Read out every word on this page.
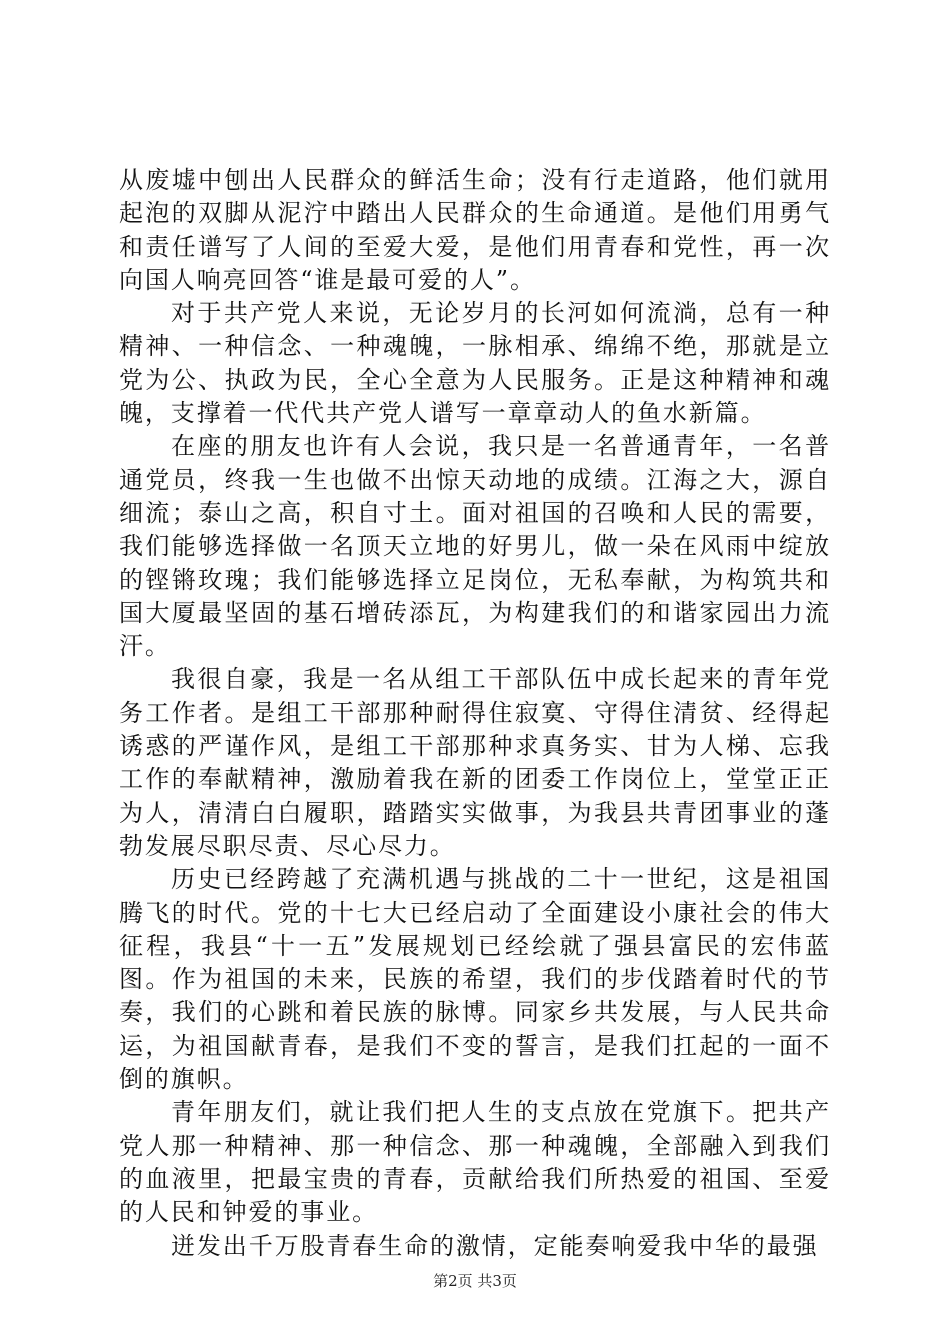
从废墟中刨出人民群众的鲜活生命；没有行走道路，他们就用起泡的双脚从泥泞中踏出人民群众的生命通道。是他们用勇气和责任谱写了人间的至爱大爱，是他们用青春和党性，再一次向国人响亮回答“谁是最可爱的人”。

对于共产党人来说，无论岁月的长河如何流淌，总有一种精神、一种信念、一种魂魄，一脉相承、绵绵不绝，那就是立党为公、执政为民，全心全意为人民服务。正是这种精神和魂魄，支撑着一代代共产党人谱写一章章动人的鱼水新篇。

在座的朋友也许有人会说，我只是一名普通青年，一名普通党员，终我一生也做不出惊天动地的成绩。江海之大，源自细流；泰山之高，积自寸土。面对祖国的召唤和人民的需要，我们能够选择做一名顶天立地的好男儿，做一朵在风雨中绽放的铿锵玫瑰；我们能够选择立足岗位，无私奉献，为构筑共和国大厦最坚固的基石增砖添瓦，为构建我们的和谐家园出力流汗。

我很自豪，我是一名从组工干部队伍中成长起来的青年党务工作者。是组工干部那种耐得住寂寞、守得住清贫、经得起诱惑的严谨作风，是组工干部那种求真务实、甘为人梯、忘我工作的奉献精神，激励着我在新的团委工作岗位上，堂堂正正为人，清清白白履职，踏踏实实做事，为我县共青团事业的蓬勃发展尽职尽责、尽心尽力。

历史已经跨越了充满机遇与挑战的二十一世纪，这是祖国腾飞的时代。党的十七大已经启动了全面建设小康社会的伟大征程，我县“十一五”发展规划已经绘就了强县富民的宏伟蓝图。作为祖国的未来，民族的希望，我们的步伐踏着时代的节奏，我们的心跳和着民族的脉博。同家乡共发展，与人民共命运，为祖国献青春，是我们不变的誓言，是我们扛起的一面不倒的旗帜。

青年朋友们，就让我们把人生的支点放在党旗下。把共产党人那一种精神、那一种信念、那一种魂魄，全部融入到我们的血液里，把最宝贵的青春，贡献给我们所热爱的祖国、至爱的人民和钟爱的事业。

迸发出千万股青春生命的激情，定能奏响爱我中华的最强

第2页 共3页
